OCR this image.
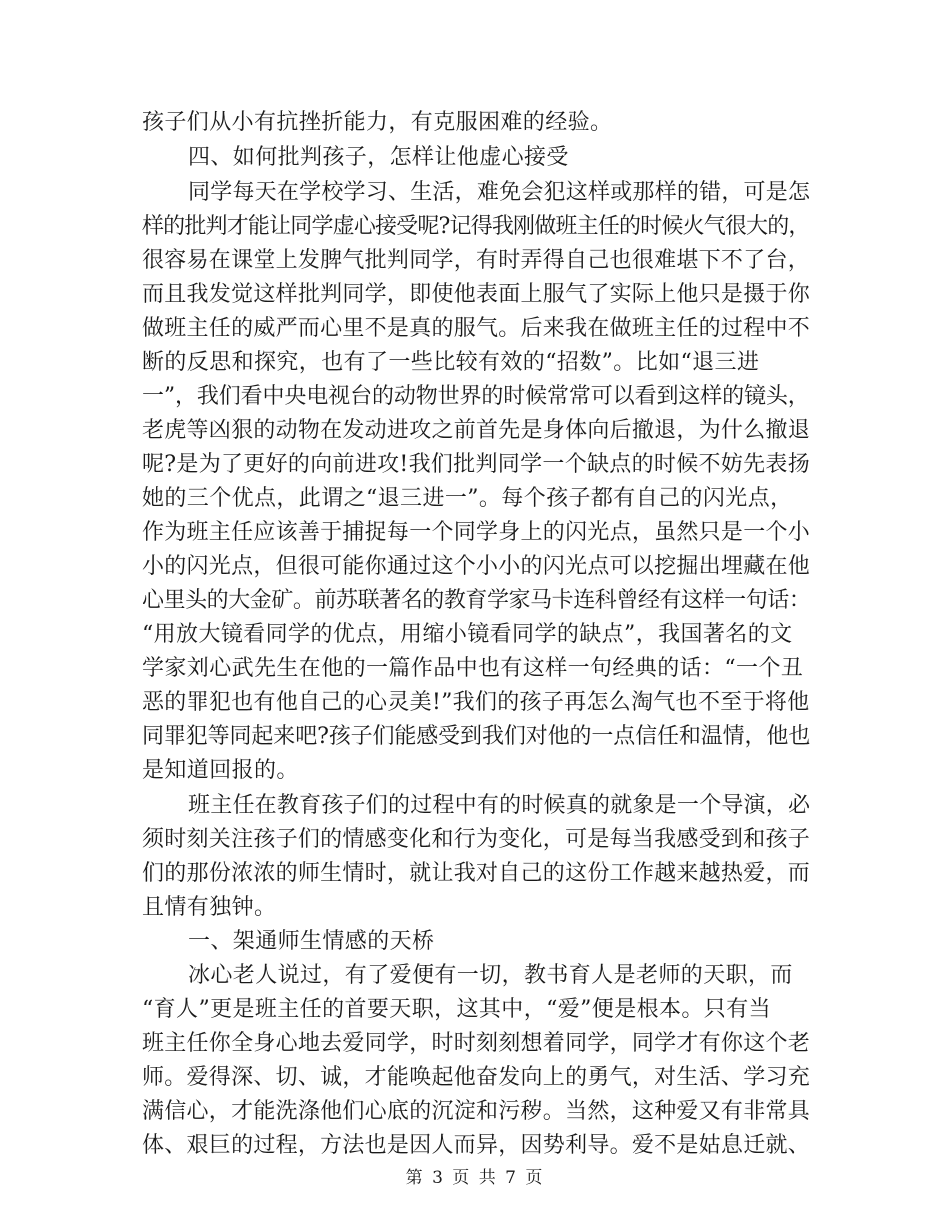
孩子们从小有抗挫折能力，有克服困难的经验。
四、如何批判孩子，怎样让他虚心接受
同学每天在学校学习、生活，难免会犯这样或那样的错，可是怎
样的批判才能让同学虚心接受呢?记得我刚做班主任的时候火气很大的，
很容易在课堂上发脾气批判同学，有时弄得自己也很难堪下不了台，
而且我发觉这样批判同学，即使他表面上服气了实际上他只是摄于你
做班主任的威严而心里不是真的服气。后来我在做班主任的过程中不
断的反思和探究，也有了一些比较有效的“招数”。比如“退三进
一”，我们看中央电视台的动物世界的时候常常可以看到这样的镜头，
老虎等凶狠的动物在发动进攻之前首先是身体向后撤退，为什么撤退
呢?是为了更好的向前进攻!我们批判同学一个缺点的时候不妨先表扬
她的三个优点，此谓之“退三进一”。每个孩子都有自己的闪光点，
作为班主任应该善于捕捉每一个同学身上的闪光点，虽然只是一个小
小的闪光点，但很可能你通过这个小小的闪光点可以挖掘出埋藏在他
心里头的大金矿。前苏联著名的教育学家马卡连科曾经有这样一句话：
“用放大镜看同学的优点，用缩小镜看同学的缺点”，我国著名的文
学家刘心武先生在他的一篇作品中也有这样一句经典的话：“一个丑
恶的罪犯也有他自己的心灵美!”我们的孩子再怎么淘气也不至于将他
同罪犯等同起来吧?孩子们能感受到我们对他的一点信任和温情，他也
是知道回报的。
班主任在教育孩子们的过程中有的时候真的就象是一个导演，必
须时刻关注孩子们的情感变化和行为变化，可是每当我感受到和孩子
们的那份浓浓的师生情时，就让我对自己的这份工作越来越热爱，而
且情有独钟。
一、架通师生情感的天桥
冰心老人说过，有了爱便有一切，教书育人是老师的天职，而
“育人”更是班主任的首要天职，这其中，“爱”便是根本。只有当
班主任你全身心地去爱同学，时时刻刻想着同学，同学才有你这个老
师。爱得深、切、诚，才能唤起他奋发向上的勇气，对生活、学习充
满信心，才能洗涤他们心底的沉淀和污秽。当然，这种爱又有非常具
体、艰巨的过程，方法也是因人而异，因势利导。爱不是姑息迁就、
第 3 页 共 7 页
